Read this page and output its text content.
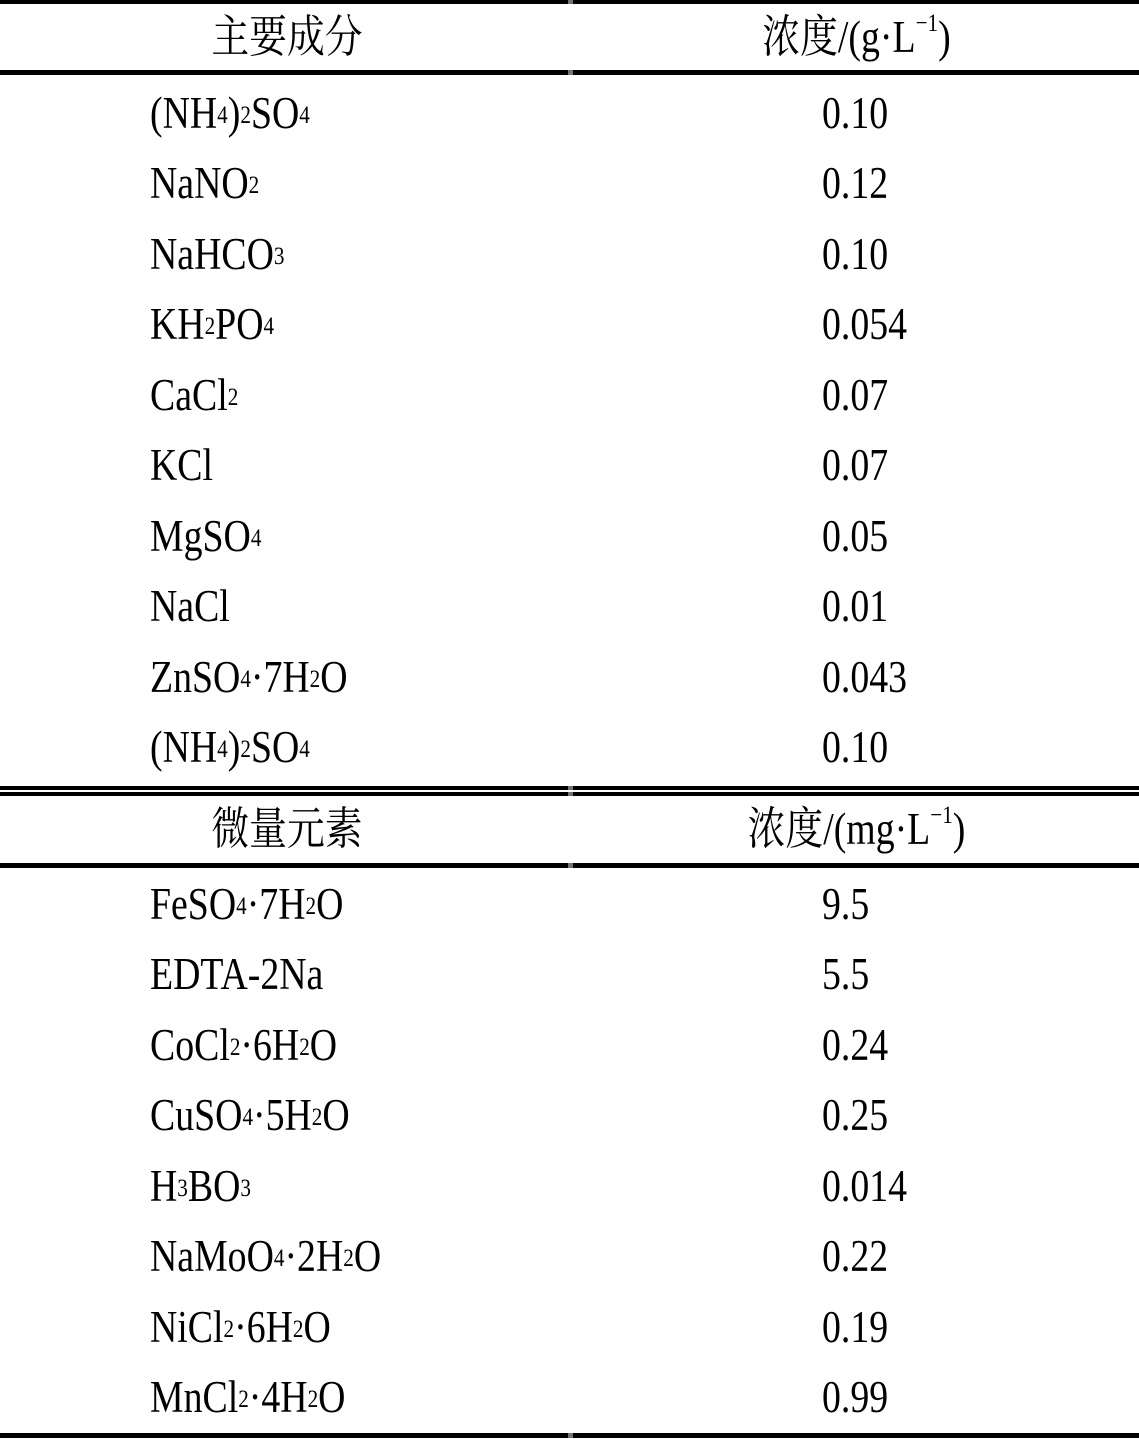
主要成分	浓度$/(g\cdot L^{-1}$ )
($NH_4$ )$_2$ $SO_4$	0.10
NaNO$_2$	0.12
NaHCO$_3$	0.10
$KH_2$ $PO_4$	0.054
CaCl$_2$	0.07
KCl	0.07
MgSO$_4$	0.05
NaCl	0.01
ZnSO$_4$ $\cdot 7H_2$ O	0.043
($NH_4$ )$_2$ $SO_4$	0.10
微量元素	浓度$/(mg\cdot L^{-1}$ )
FeSO$_4$ $\cdot 7H_2$ O	9.5
EDTA-2Na	5.5
CoCl$_2$ $\cdot 6H_2$ O	0.24
CuSO$_4$ $\cdot 5H_2$ O	0.25
$H_3$ $BO_3$	0.014
NaMoO$_4$ $\cdot 2H_2$ O	0.22
NiCl$_2$ $\cdot 6H_2$ O	0.19
MnCl$_2$ $\cdot 4H_2$ O	0.99
